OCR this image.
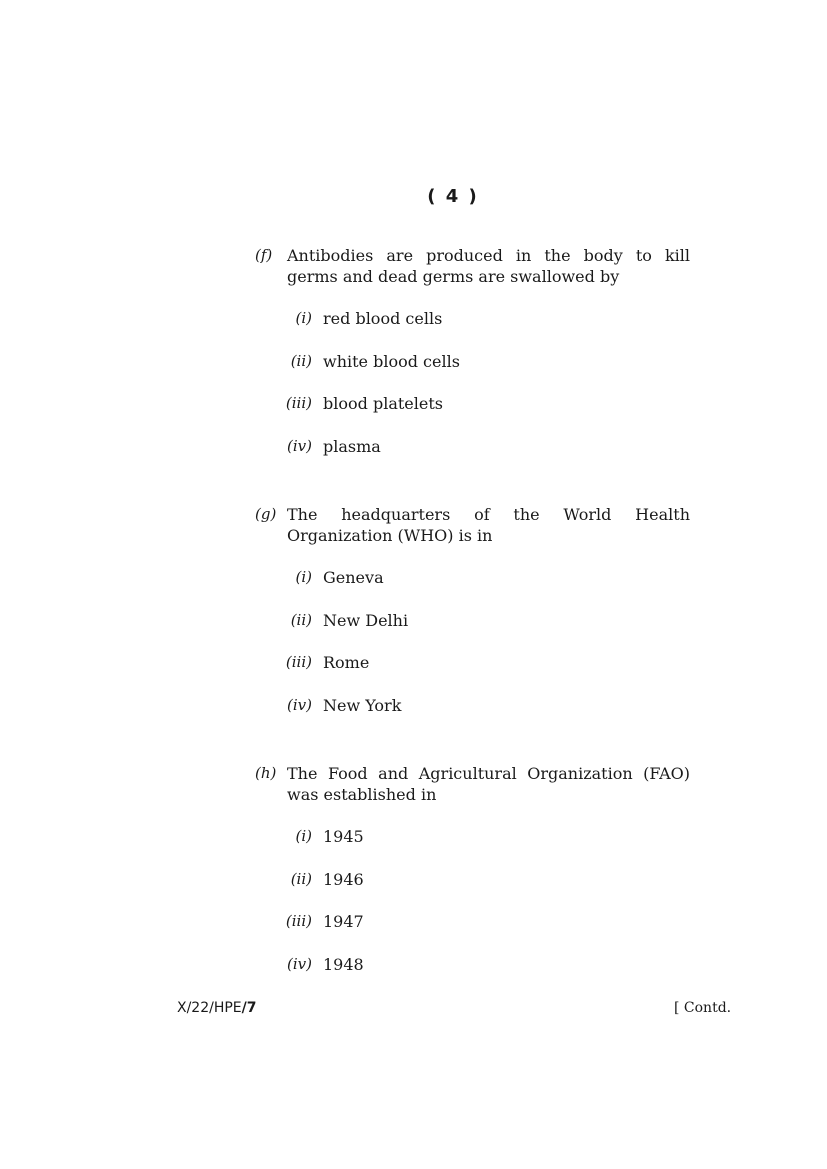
( 4 )
(f) Antibodies are produced in the body to kill germs and dead germs are swallowed by
(i) red blood cells
(ii) white blood cells
(iii) blood platelets
(iv) plasma
(g) The headquarters of the World Health Organization (WHO) is in
(i) Geneva
(ii) New Delhi
(iii) Rome
(iv) New York
(h) The Food and Agricultural Organization (FAO) was established in
(i) 1945
(ii) 1946
(iii) 1947
(iv) 1948
X/22/HPE/7	[ Contd.
